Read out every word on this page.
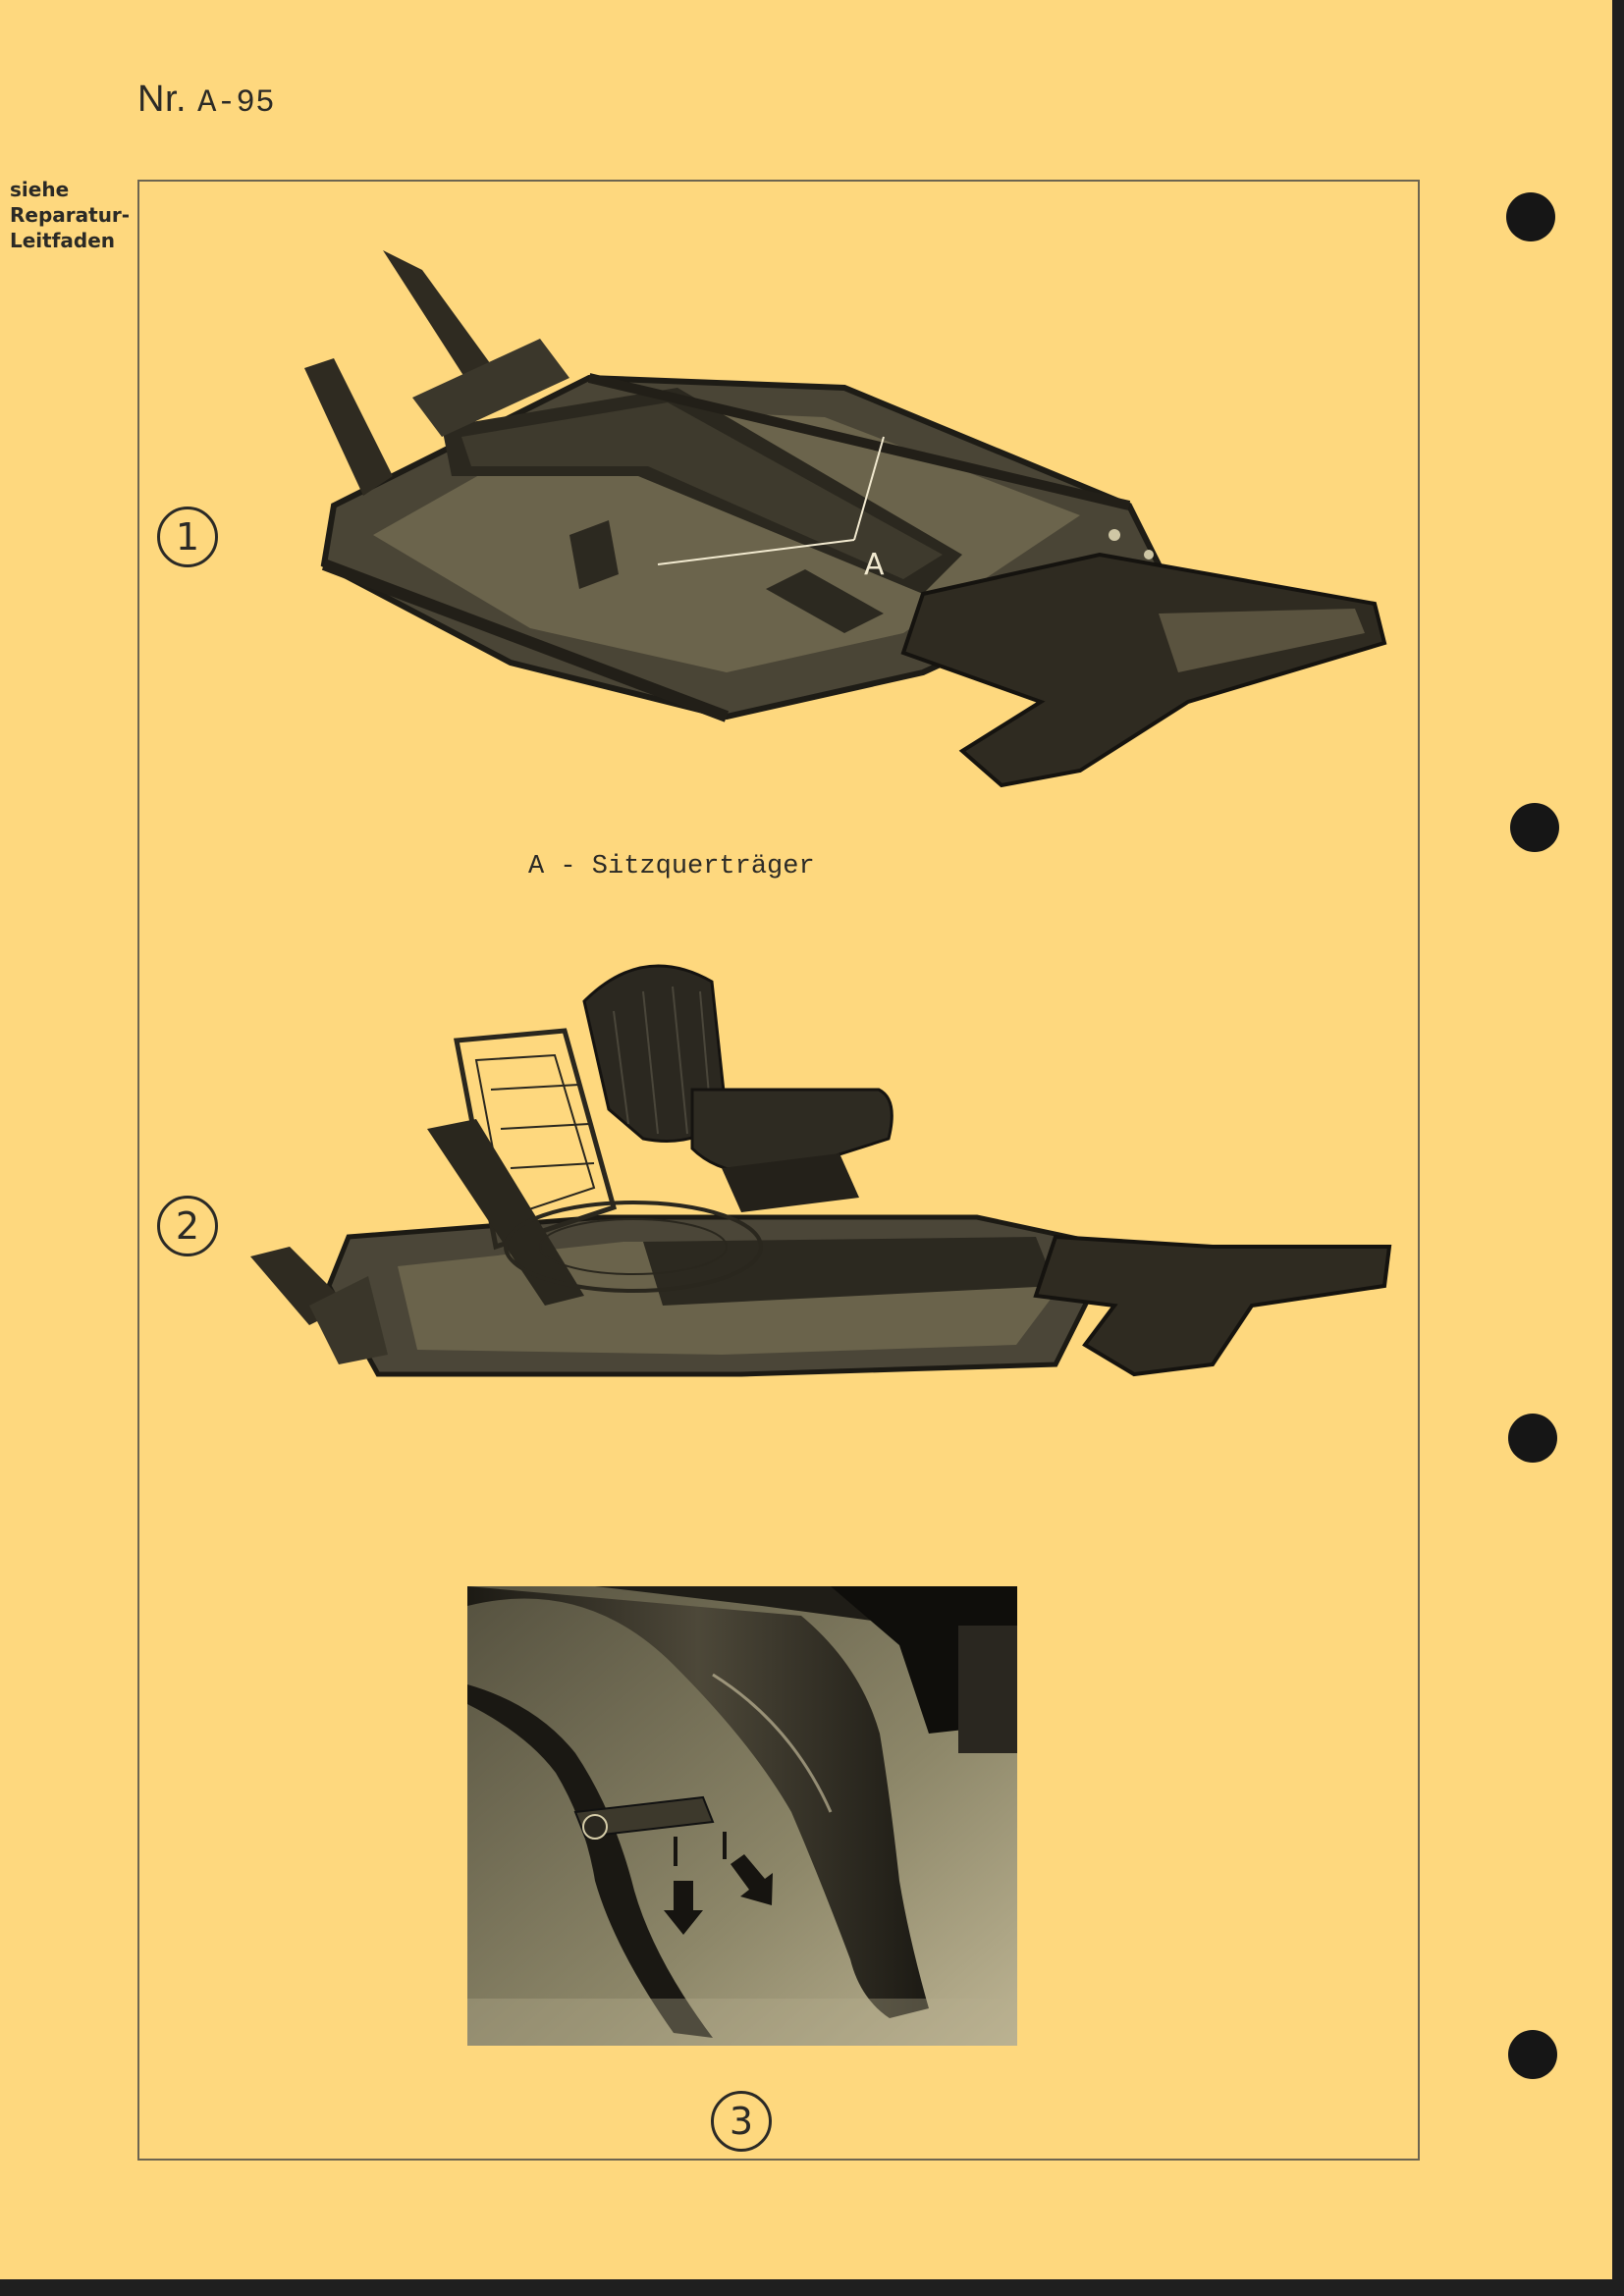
Nr. A-95
siehe
Reparatur-
Leitfaden
A
1
A - Sitzquerträger
2
3
